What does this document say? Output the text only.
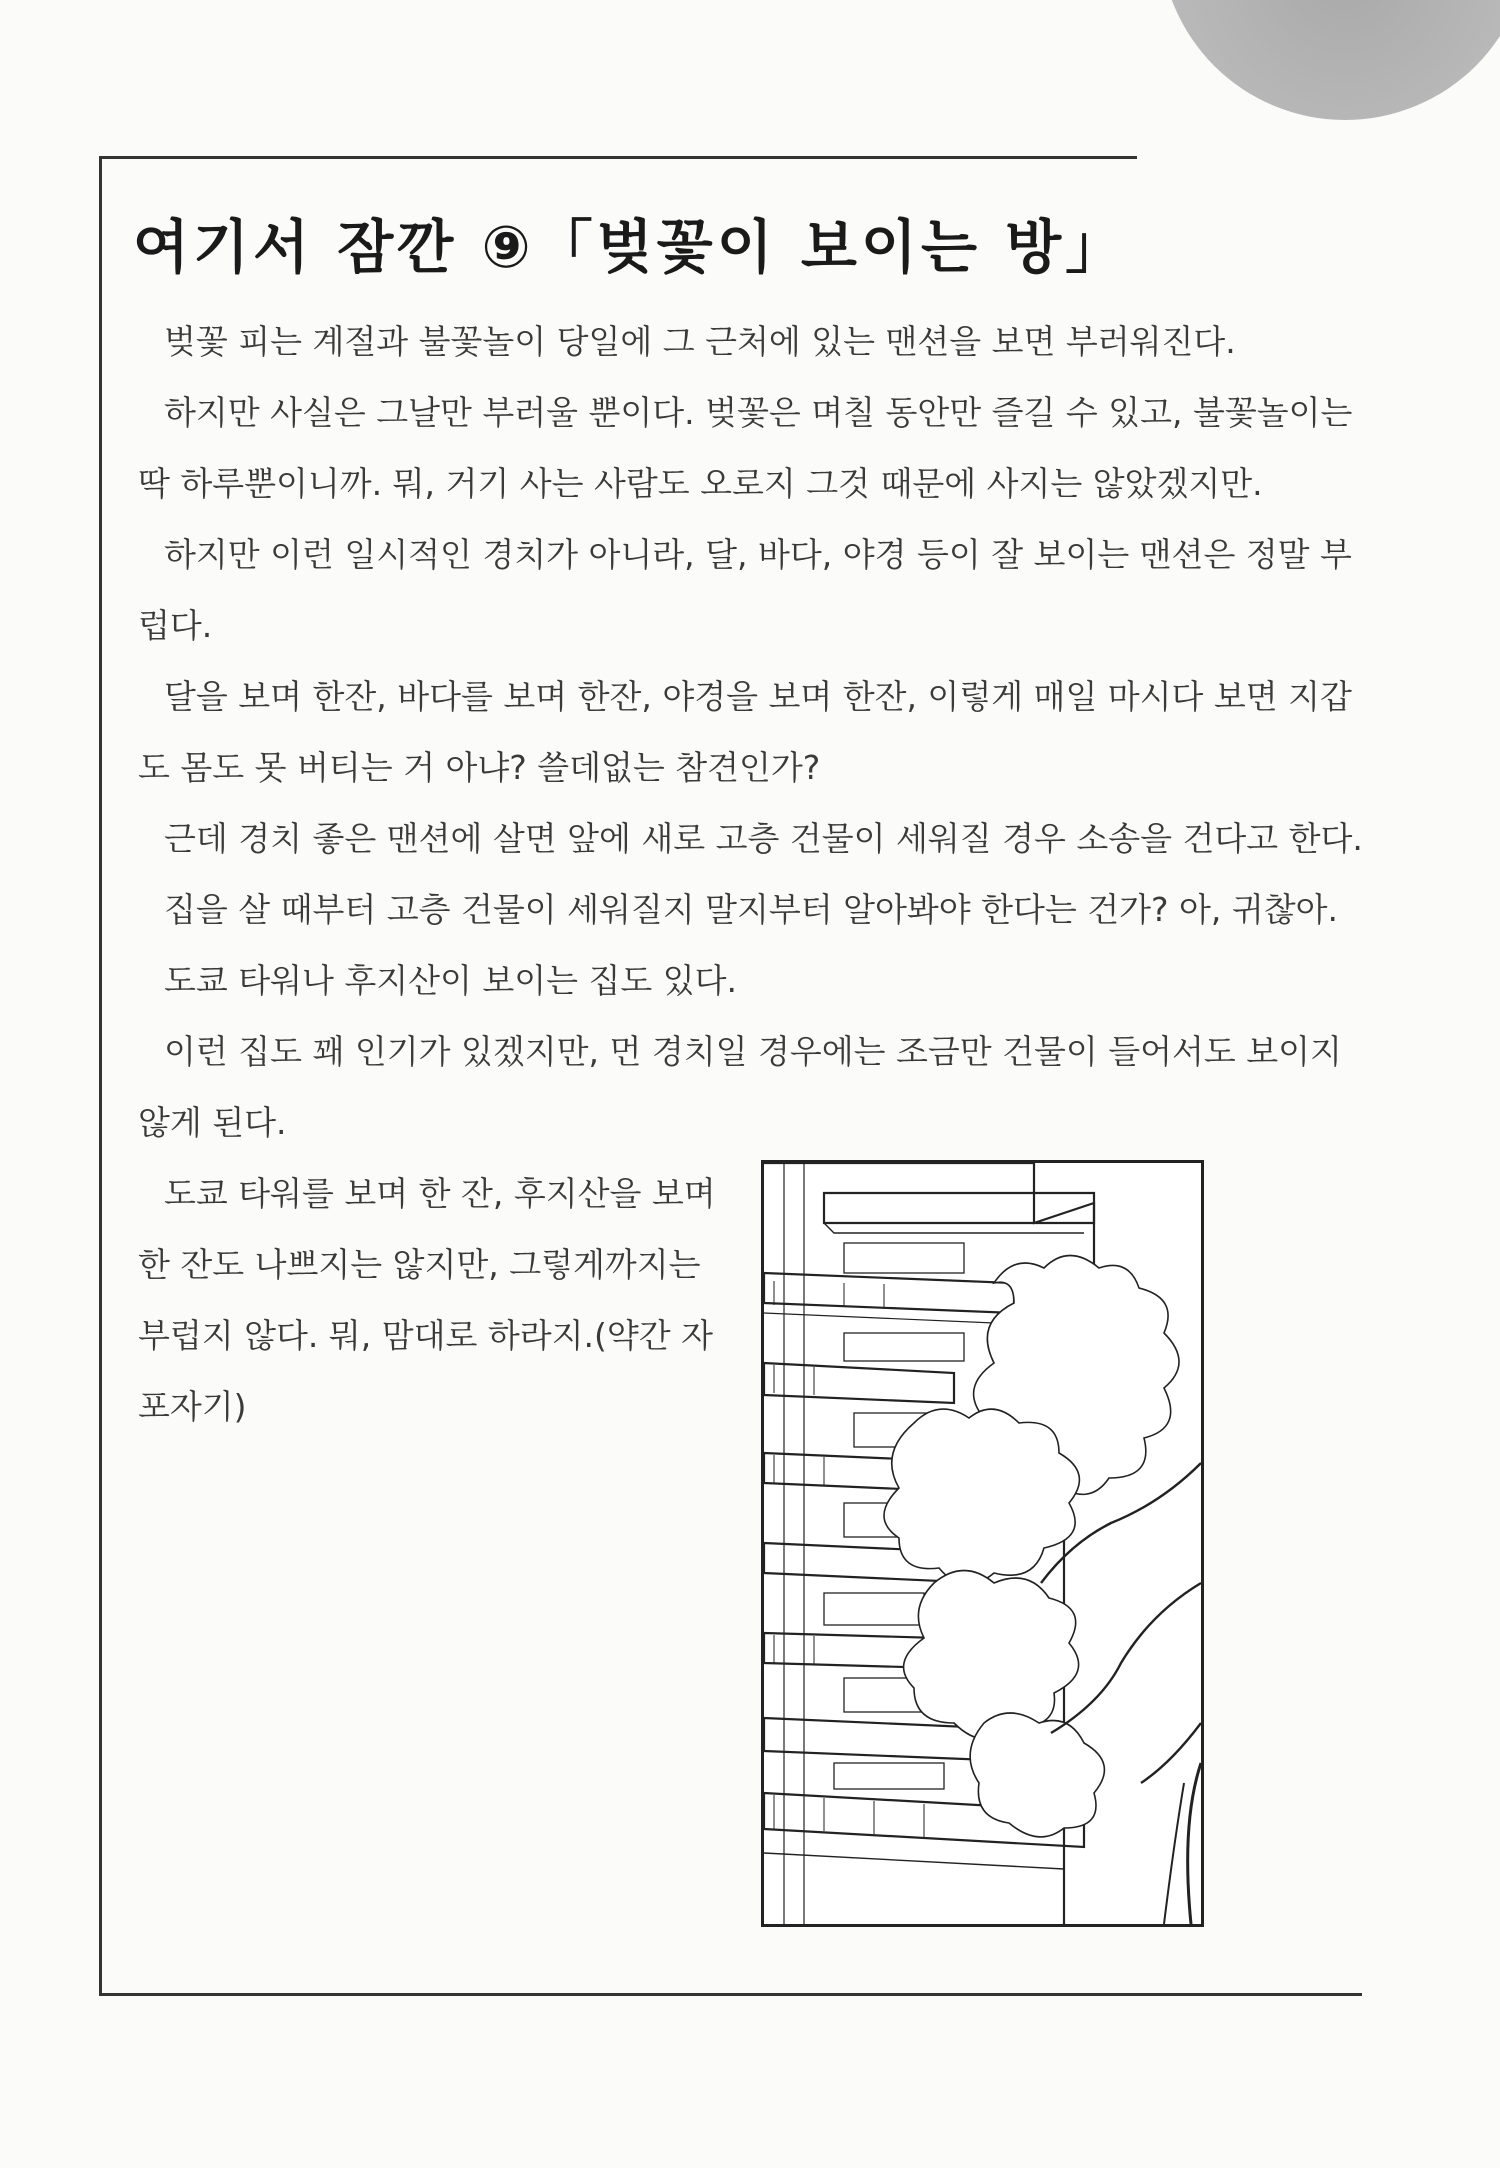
여기서 잠깐 ⑨「벚꽃이 보이는 방」

벚꽃 피는 계절과 불꽃놀이 당일에 그 근처에 있는 맨션을 보면 부러워진다.

하지만 사실은 그날만 부러울 뿐이다. 벚꽃은 며칠 동안만 즐길 수 있고, 불꽃놀이는 딱 하루뿐이니까. 뭐, 거기 사는 사람도 오로지 그것 때문에 사지는 않았겠지만.

하지만 이런 일시적인 경치가 아니라, 달, 바다, 야경 등이 잘 보이는 맨션은 정말 부럽다.

달을 보며 한잔, 바다를 보며 한잔, 야경을 보며 한잔, 이렇게 매일 마시다 보면 지갑도 몸도 못 버티는 거 아냐? 쓸데없는 참견인가?

근데 경치 좋은 맨션에 살면 앞에 새로 고층 건물이 세워질 경우 소송을 건다고 한다.

집을 살 때부터 고층 건물이 세워질지 말지부터 알아봐야 한다는 건가? 아, 귀찮아.

도쿄 타워나 후지산이 보이는 집도 있다.

이런 집도 꽤 인기가 있겠지만, 먼 경치일 경우에는 조금만 건물이 들어서도 보이지 않게 된다.

도쿄 타워를 보며 한 잔, 후지산을 보며 한 잔도 나쁘지는 않지만, 그렇게까지는 부럽지 않다. 뭐, 맘대로 하라지.(약간 자포자기)
